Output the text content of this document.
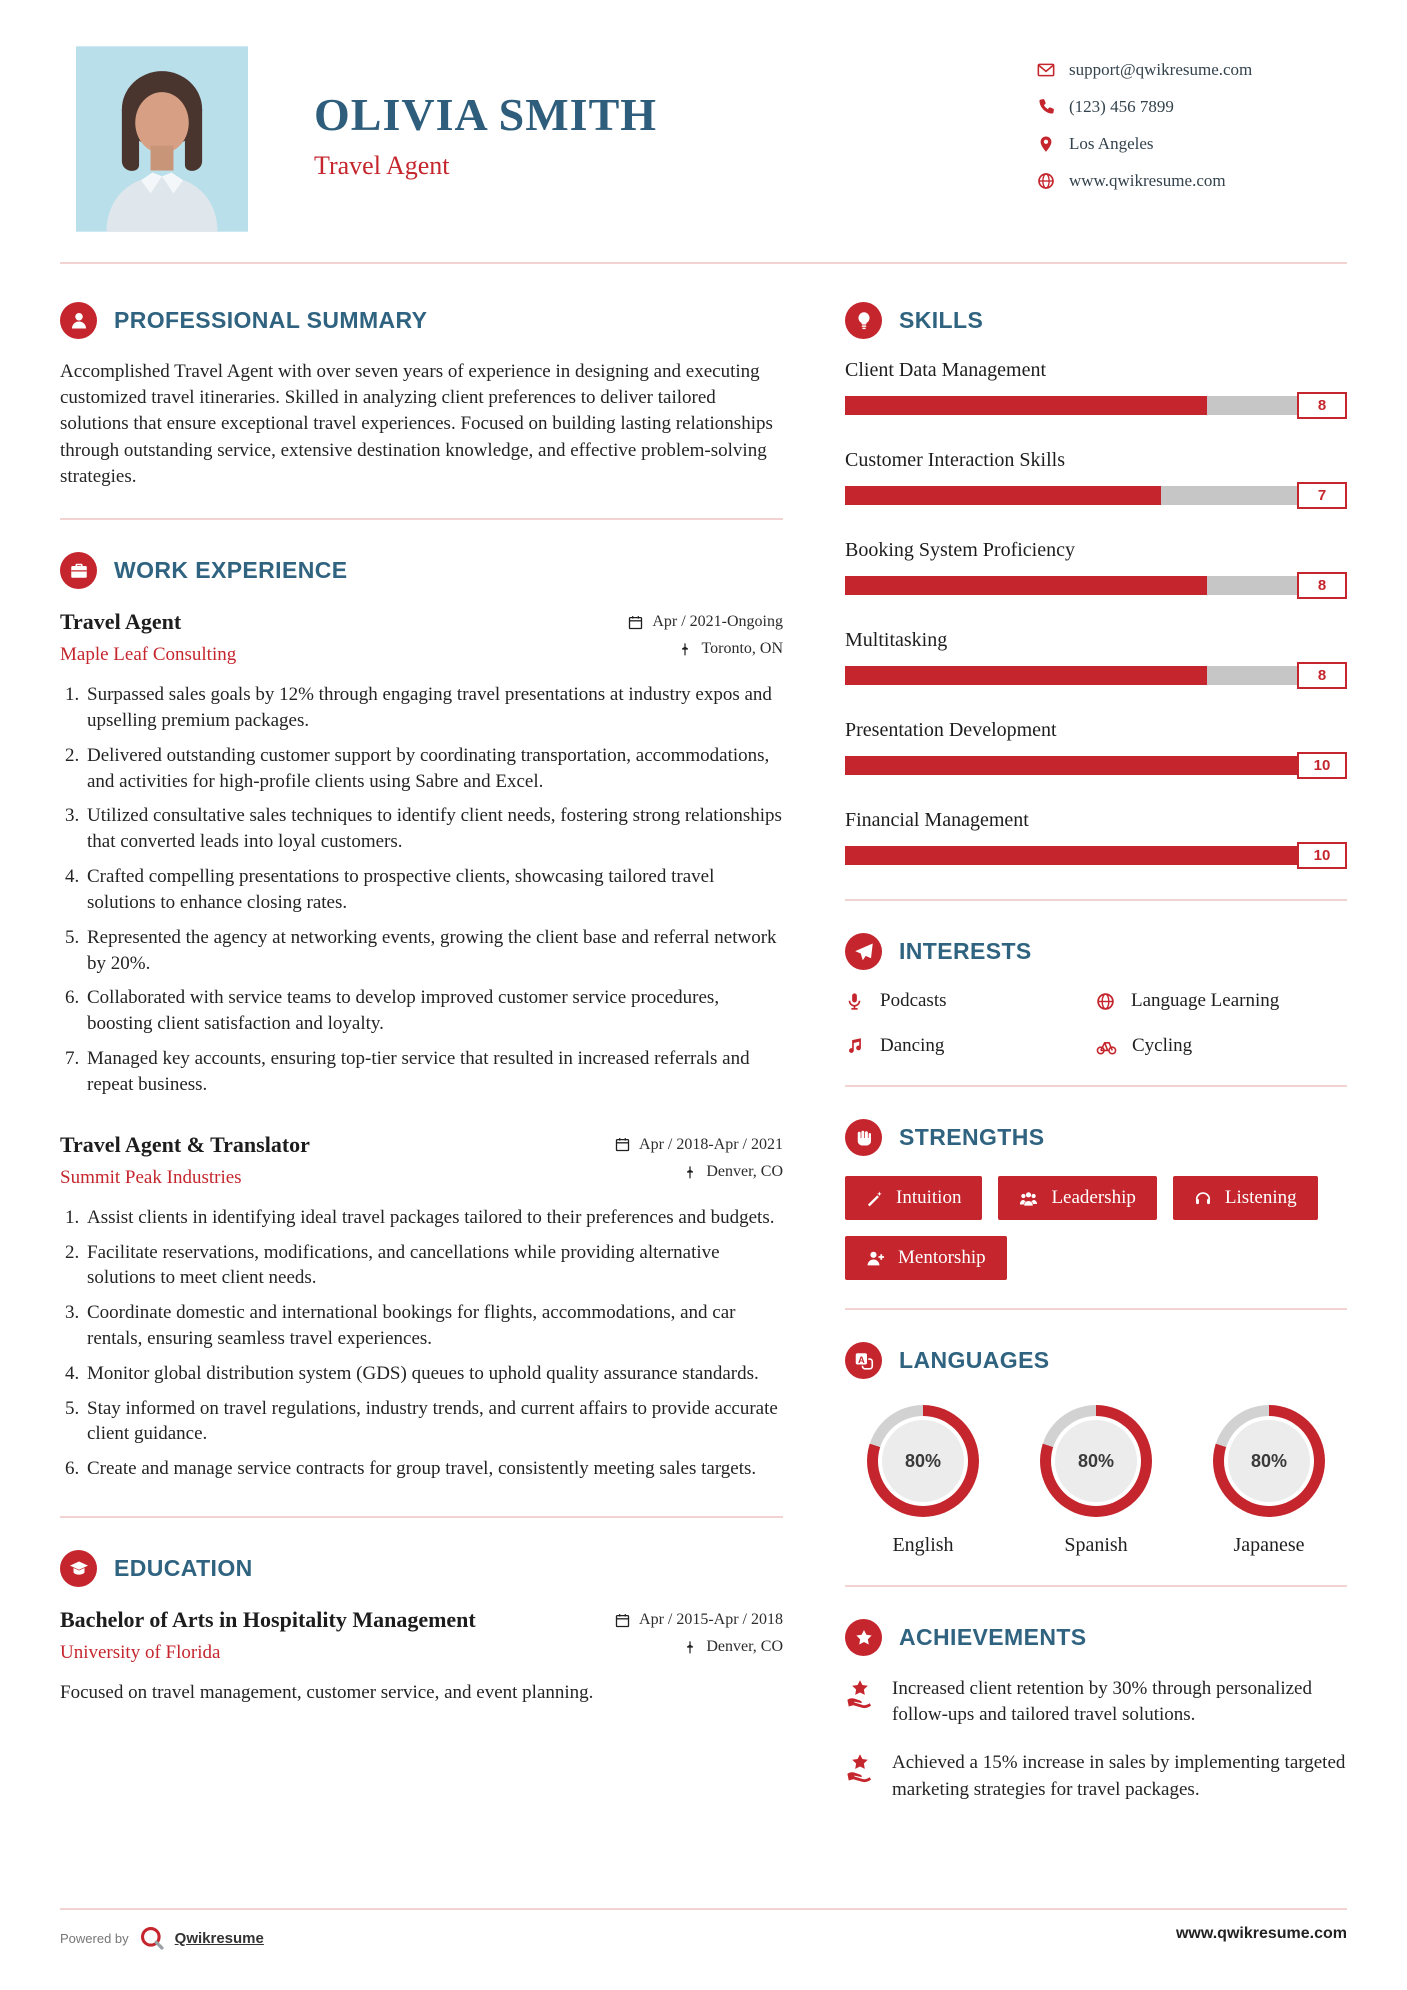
OLIVIA SMITH
Travel Agent
support@qwikresume.com
(123) 456 7899
Los Angeles
www.qwikresume.com
PROFESSIONAL SUMMARY

Accomplished Travel Agent with over seven years of experience in designing and executing customized travel itineraries. Skilled in analyzing client preferences to deliver tailored solutions that ensure exceptional travel experiences. Focused on building lasting relationships through outstanding service, extensive destination knowledge, and effective problem-solving strategies.

WORK EXPERIENCE
Travel Agent
Maple Leaf Consulting
Apr / 2021-Ongoing
Toronto, ON
1. Surpassed sales goals by 12% through engaging travel presentations at industry expos and upselling premium packages.
2. Delivered outstanding customer support by coordinating transportation, accommodations, and activities for high-profile clients using Sabre and Excel.
3. Utilized consultative sales techniques to identify client needs, fostering strong relationships that converted leads into loyal customers.
4. Crafted compelling presentations to prospective clients, showcasing tailored travel solutions to enhance closing rates.
5. Represented the agency at networking events, growing the client base and referral network by 20%.
6. Collaborated with service teams to develop improved customer service procedures, boosting client satisfaction and loyalty.
7. Managed key accounts, ensuring top-tier service that resulted in increased referrals and repeat business.
Travel Agent & Translator
Summit Peak Industries
Apr / 2018-Apr / 2021
Denver, CO
1. Assist clients in identifying ideal travel packages tailored to their preferences and budgets.
2. Facilitate reservations, modifications, and cancellations while providing alternative solutions to meet client needs.
3. Coordinate domestic and international bookings for flights, accommodations, and car rentals, ensuring seamless travel experiences.
4. Monitor global distribution system (GDS) queues to uphold quality assurance standards.
5. Stay informed on travel regulations, industry trends, and current affairs to provide accurate client guidance.
6. Create and manage service contracts for group travel, consistently meeting sales targets.
EDUCATION
Bachelor of Arts in Hospitality Management
University of Florida
Apr / 2015-Apr / 2018
Denver, CO

Focused on travel management, customer service, and event planning.

SKILLS
Client Data Management
8
Customer Interaction Skills
7
Booking System Proficiency
8
Multitasking
8
Presentation Development
10
Financial Management
10
INTERESTS
Podcasts	Language Learning
Dancing	Cycling
STRENGTHS
Intuition	Leadership	Listening
Mentorship
A LANGUAGES
80%
English
80%
Spanish
80%
Japanese
ACHIEVEMENTS

Increased client retention by 30% through personalized follow-ups and tailored travel solutions.

Achieved a 15% increase in sales by implementing targeted marketing strategies for travel packages.

Powered by	Qwikresume	www.qwikresume.com
